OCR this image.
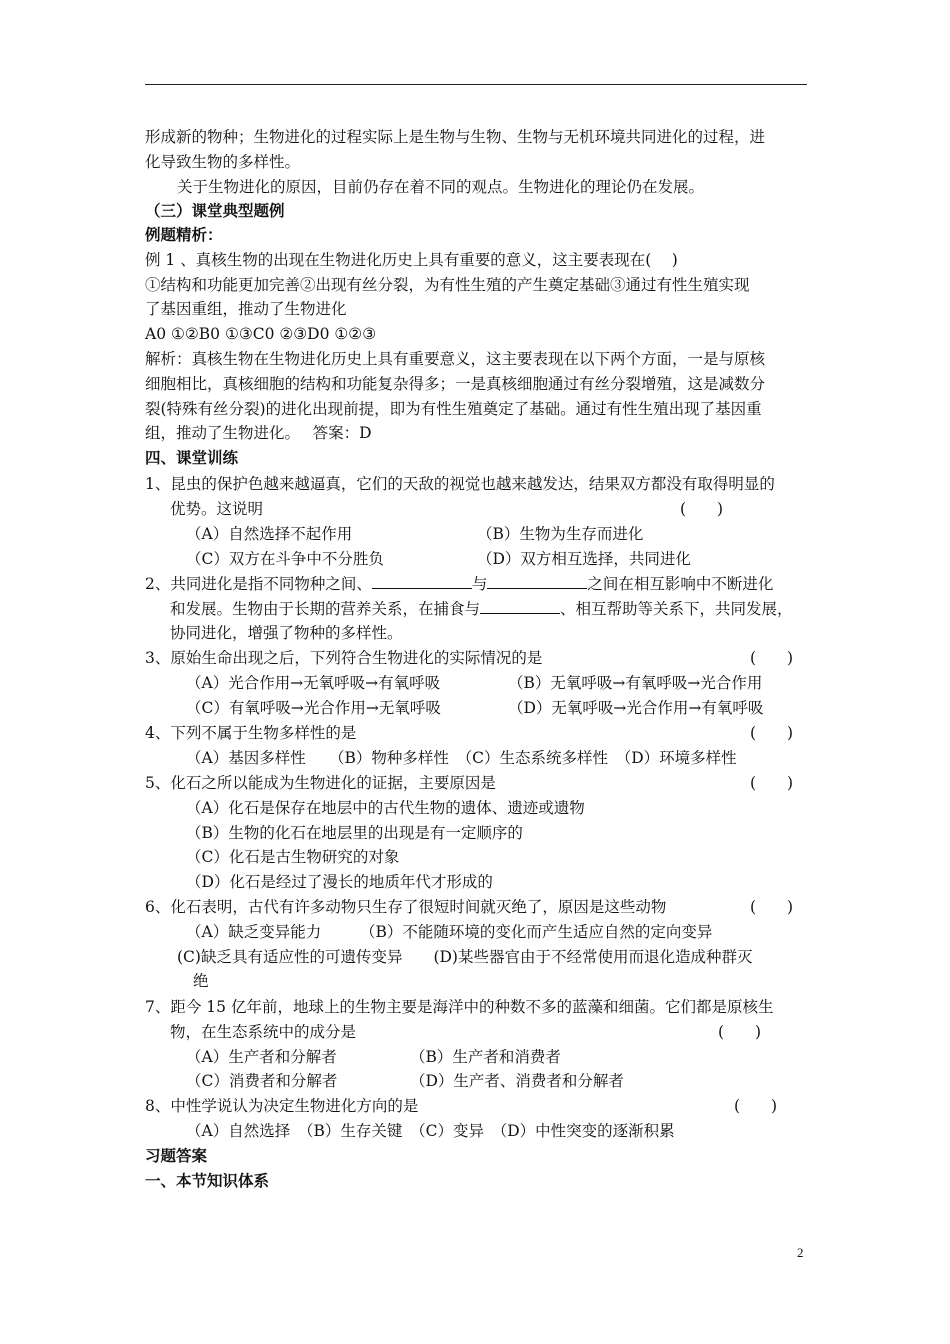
形成新的物种；生物进化的过程实际上是生物与生物、生物与无机环境共同进化的过程，进
化导致生物的多样性。
关于生物进化的原因，目前仍存在着不同的观点。生物进化的理论仍在发展。
（三）课堂典型题例
例题精析：
例 1 、真核生物的出现在生物进化历史上具有重要的意义，这主要表现在(　 )
①结构和功能更加完善②出现有丝分裂，为有性生殖的产生奠定基础③通过有性生殖实现
了基因重组，推动了生物进化
A0 ①②B0 ①③C0 ②③D0 ①②③
解析：真核生物在生物进化历史上具有重要意义，这主要表现在以下两个方面，一是与原核
细胞相比，真核细胞的结构和功能复杂得多；一是真核细胞通过有丝分裂增殖，这是减数分
裂(特殊有丝分裂)的进化出现前提，即为有性生殖奠定了基础。通过有性生殖出现了基因重
组，推动了生物进化。　 答案：D
四、课堂训练
1、昆虫的保护色越来越逼真，它们的天敌的视觉也越来越发达，结果双方都没有取得明显的
优势。这说明	(　　)
（A）自然选择不起作用	（B）生物为生存而进化
（C）双方在斗争中不分胜负	（D）双方相互选择，共同进化
2、共同进化是指不同物种之间、	与	之间在相互影响中不断进化
和发展。生物由于长期的营养关系，在捕食与	、相互帮助等关系下，共同发展，
协同进化，增强了物种的多样性。
3、原始生命出现之后，下列符合生物进化的实际情况的是	(　　)
（A）光合作用→无氧呼吸→有氧呼吸	（B）无氧呼吸→有氧呼吸→光合作用
（C）有氧呼吸→光合作用→无氧呼吸	（D）无氧呼吸→光合作用→有氧呼吸
4、下列不属于生物多样性的是	(　　)
（A）基因多样性　　（B）物种多样性　（C）生态系统多样性　（D）环境多样性
5、化石之所以能成为生物进化的证据，主要原因是	(　　)
（A）化石是保存在地层中的古代生物的遗体、遗迹或遗物
（B）生物的化石在地层里的出现是有一定顺序的
（C）化石是古生物研究的对象
（D）化石是经过了漫长的地质年代才形成的
6、化石表明，古代有许多动物只生存了很短时间就灭绝了，原因是这些动物	(　　)
（A）缺乏变异能力　　　（B）不能随环境的变化而产生适应自然的定向变异
(C)缺乏具有适应性的可遗传变异　　(D)某些器官由于不经常使用而退化造成种群灭
绝
7、距今 15 亿年前，地球上的生物主要是海洋中的种数不多的蓝藻和细菌。它们都是原核生
物，在生态系统中的成分是	(　　)
（A）生产者和分解者	（B）生产者和消费者
（C）消费者和分解者	（D）生产者、消费者和分解者
8、中性学说认为决定生物进化方向的是	(　　)
（A）自然选择　（B）生存关键　（C）变异　（D）中性突变的逐渐积累
习题答案
一、本节知识体系
2
